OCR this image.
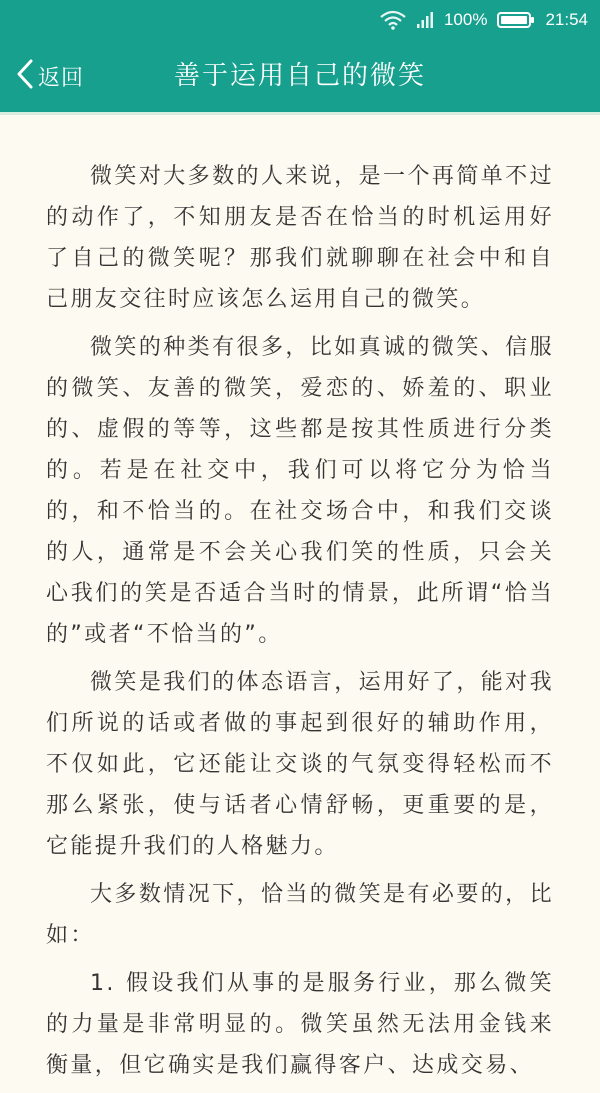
100%	21:54
善于运用自己的微笑
返回

微笑对大多数的人来说，是一个再简单不过的动作了，不知朋友是否在恰当的时机运用好了自己的微笑呢？那我们就聊聊在社会中和自己朋友交往时应该怎么运用自己的微笑。

微笑的种类有很多，比如真诚的微笑、信服的微笑、友善的微笑，爱恋的、娇羞的、职业的、虚假的等等，这些都是按其性质进行分类的。若是在社交中，我们可以将它分为恰当的，和不恰当的。在社交场合中，和我们交谈的人，通常是不会关心我们笑的性质，只会关心我们的笑是否适合当时的情景，此所谓“恰当的”或者“不恰当的”。

微笑是我们的体态语言，运用好了，能对我们所说的话或者做的事起到很好的辅助作用，不仅如此，它还能让交谈的气氛变得轻松而不那么紧张，使与话者心情舒畅，更重要的是，它能提升我们的人格魅力。

大多数情况下，恰当的微笑是有必要的，比如：

1. 假设我们从事的是服务行业，那么微笑的力量是非常明显的。微笑虽然无法用金钱来衡量，但它确实是我们赢得客户、达成交易、
